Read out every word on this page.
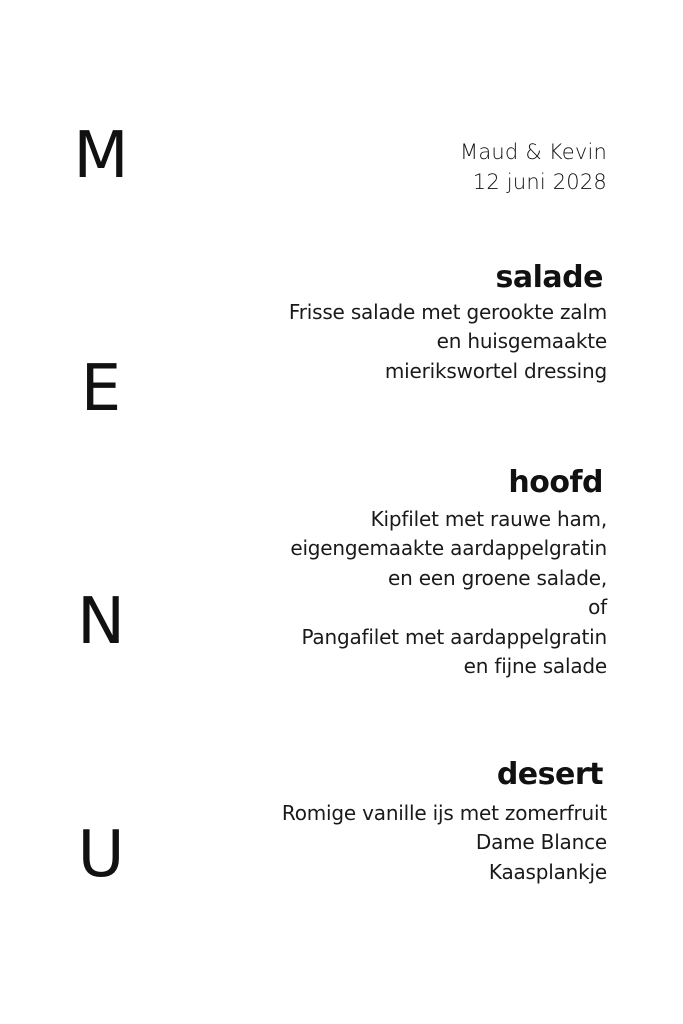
M
E
N
U
Maud & Kevin
12 juni 2028
salade
Frisse salade met gerookte zalm
en huisgemaakte
mierikswortel dressing
hoofd
Kipfilet met rauwe ham,
eigengemaakte aardappelgratin
en een groene salade,
of
Pangafilet met aardappelgratin
en fijne salade
desert
Romige vanille ijs met zomerfruit
Dame Blance
Kaasplankje
